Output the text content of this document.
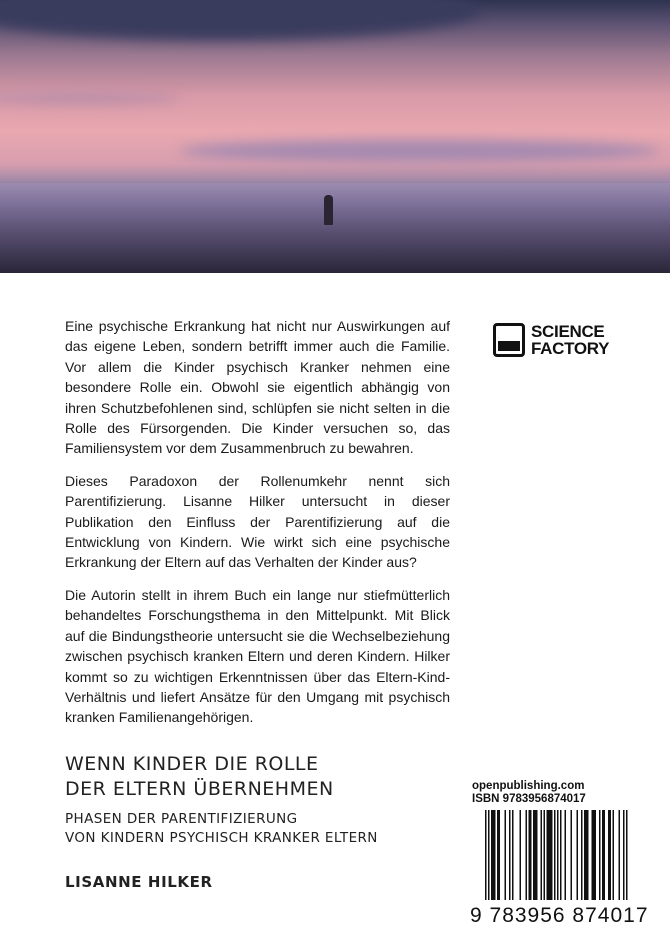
Eine psychische Erkrankung hat nicht nur Auswirkungen auf das eigene Leben, sondern betrifft immer auch die Familie. Vor allem die Kinder psychisch Kranker nehmen eine besondere Rolle ein. Obwohl sie eigentlich abhängig von ihren Schutzbefohlenen sind, schlüpfen sie nicht selten in die Rolle des Fürsorgenden. Die Kinder versuchen so, das Familiensystem vor dem Zusammenbruch zu bewahren.

Dieses Paradoxon der Rollenumkehr nennt sich Parentifizierung. Lisanne Hilker untersucht in dieser Publikation den Einfluss der Parentifizierung auf die Entwicklung von Kindern. Wie wirkt sich eine psychische Erkrankung der Eltern auf das Verhalten der Kinder aus?

Die Autorin stellt in ihrem Buch ein lange nur stiefmütterlich behandeltes Forschungsthema in den Mittelpunkt. Mit Blick auf die Bindungstheorie untersucht sie die Wechselbeziehung zwischen psychisch kranken Eltern und deren Kindern. Hilker kommt so zu wichtigen Erkenntnissen über das Eltern-Kind-Verhältnis und liefert Ansätze für den Umgang mit psychisch kranken Familienangehörigen.

WENN KINDER DIE ROLLE
DER ELTERN ÜBERNEHMEN
PHASEN DER PARENTIFIZIERUNG
VON KINDERN PSYCHISCH KRANKER ELTERN
LISANNE HILKER
SCIENCE
FACTORY
openpublishing.com
ISBN 9783956874017
9 783956 874017
